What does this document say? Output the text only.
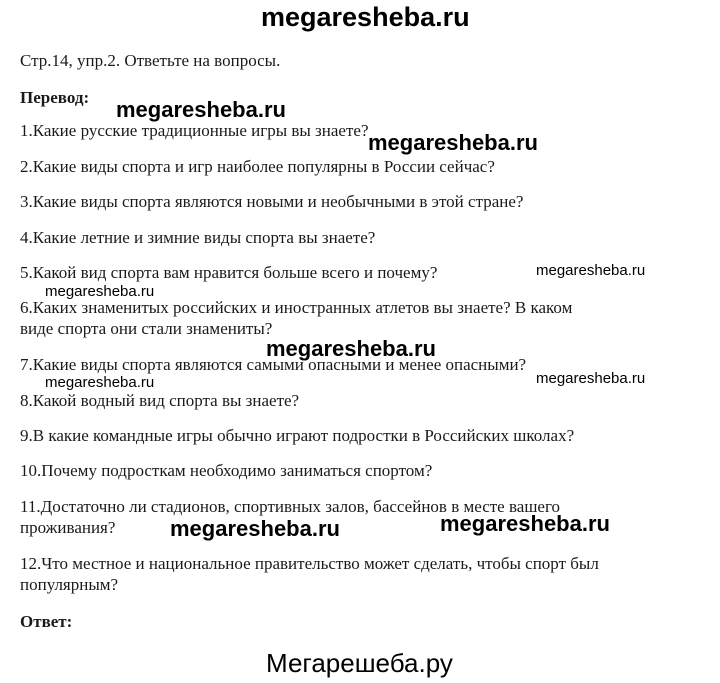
megaresheba.ru
Стр.14, упр.2. Ответьте на вопросы.
Перевод:
1.Какие русские традиционные игры вы знаете?
2.Какие виды спорта и игр наиболее популярны в России сейчас?
3.Какие виды спорта являются новыми и необычными в этой стране?
4.Какие летние и зимние виды спорта вы знаете?
5.Какой вид спорта вам нравится больше всего и почему?
6.Каких знаменитых российских и иностранных атлетов вы знаете? В каком
виде спорта они стали знамениты?
7.Какие виды спорта являются самыми опасными и менее опасными?
8.Какой водный вид спорта вы знаете?
9.В какие командные игры обычно играют подростки в Российских школах?
10.Почему подросткам необходимо заниматься спортом?
11.Достаточно ли стадионов, спортивных залов, бассейнов в месте вашего
проживания?
12.Что местное и национальное правительство может сделать, чтобы спорт был
популярным?
Ответ:
megaresheba.ru
megaresheba.ru
megaresheba.ru
megaresheba.ru
megaresheba.ru
megaresheba.ru	megaresheba.ru
megaresheba.ru	megaresheba.ru
Мегарешеба.ру
